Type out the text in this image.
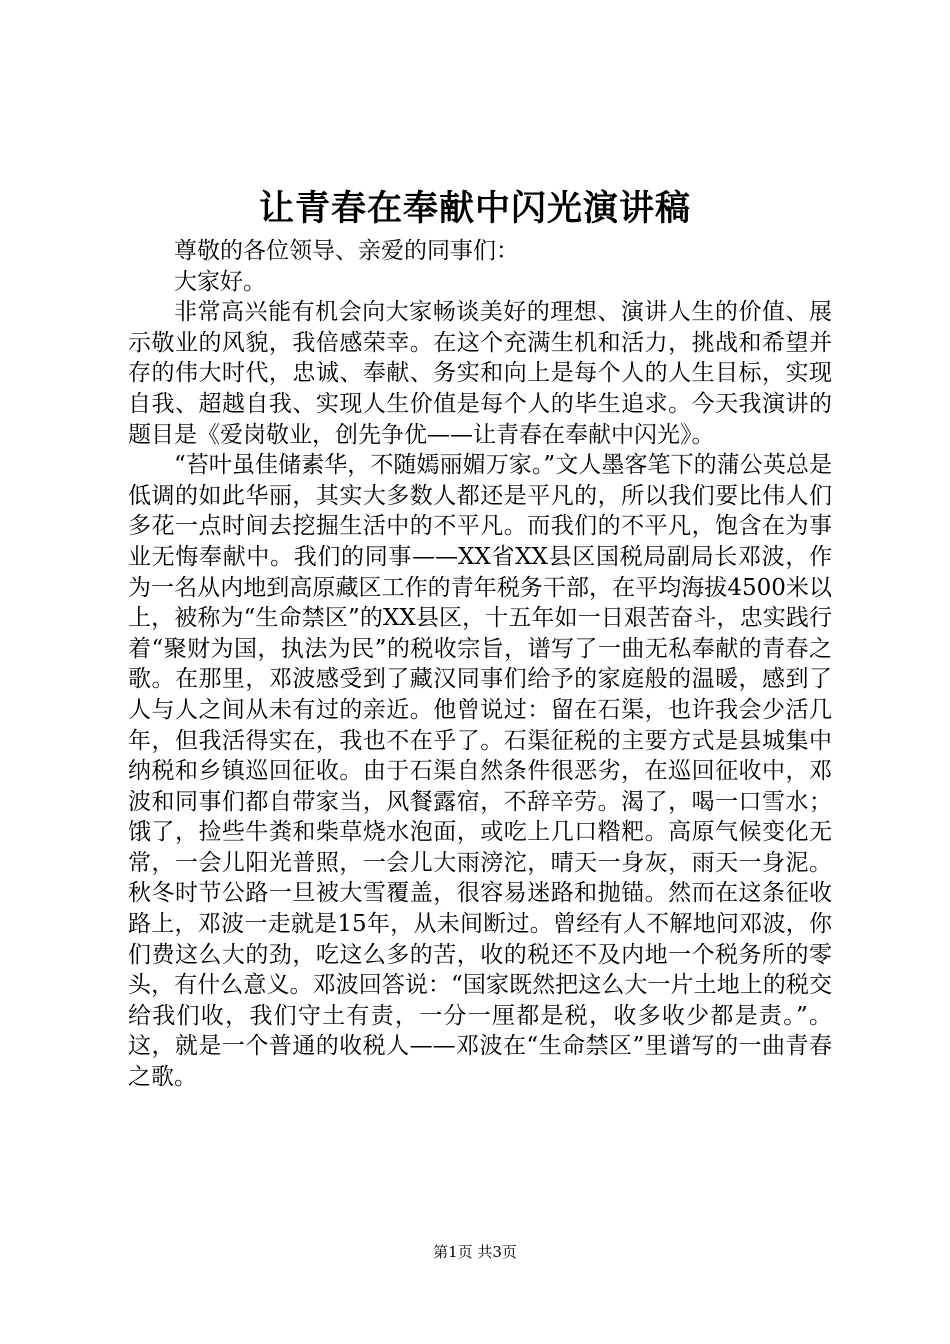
让青春在奉献中闪光演讲稿

尊敬的各位领导、亲爱的同事们：

大家好。

非常高兴能有机会向大家畅谈美好的理想、演讲人生的价值、展示敬业的风貌，我倍感荣幸。在这个充满生机和活力，挑战和希望并存的伟大时代，忠诚、奉献、务实和向上是每个人的人生目标，实现自我、超越自我、实现人生价值是每个人的毕生追求。今天我演讲的题目是《爱岗敬业，创先争优——让青春在奉献中闪光》。

“苔叶虽佳储素华，不随嫣丽媚万家。”文人墨客笔下的蒲公英总是低调的如此华丽，其实大多数人都还是平凡的，所以我们要比伟人们多花一点时间去挖掘生活中的不平凡。而我们的不平凡，饱含在为事业无悔奉献中。我们的同事——XX省XX县区国税局副局长邓波，作为一名从内地到高原藏区工作的青年税务干部，在平均海拔4500米以上，被称为“生命禁区”的XX县区，十五年如一日艰苦奋斗，忠实践行着“聚财为国，执法为民”的税收宗旨，谱写了一曲无私奉献的青春之歌。在那里，邓波感受到了藏汉同事们给予的家庭般的温暖，感到了人与人之间从未有过的亲近。他曾说过：留在石渠，也许我会少活几年，但我活得实在，我也不在乎了。石渠征税的主要方式是县城集中纳税和乡镇巡回征收。由于石渠自然条件很恶劣，在巡回征收中，邓波和同事们都自带家当，风餐露宿，不辞辛劳。渴了，喝一口雪水；饿了，捡些牛粪和柴草烧水泡面，或吃上几口糌粑。高原气候变化无常，一会儿阳光普照，一会儿大雨滂沱，晴天一身灰，雨天一身泥。秋冬时节公路一旦被大雪覆盖，很容易迷路和抛锚。然而在这条征收路上，邓波一走就是15年，从未间断过。曾经有人不解地问邓波，你们费这么大的劲，吃这么多的苦，收的税还不及内地一个税务所的零头，有什么意义。邓波回答说：“国家既然把这么大一片土地上的税交给我们收，我们守土有责，一分一厘都是税，收多收少都是责。”。这，就是一个普通的收税人——邓波在“生命禁区”里谱写的一曲青春之歌。

第1页 共3页
